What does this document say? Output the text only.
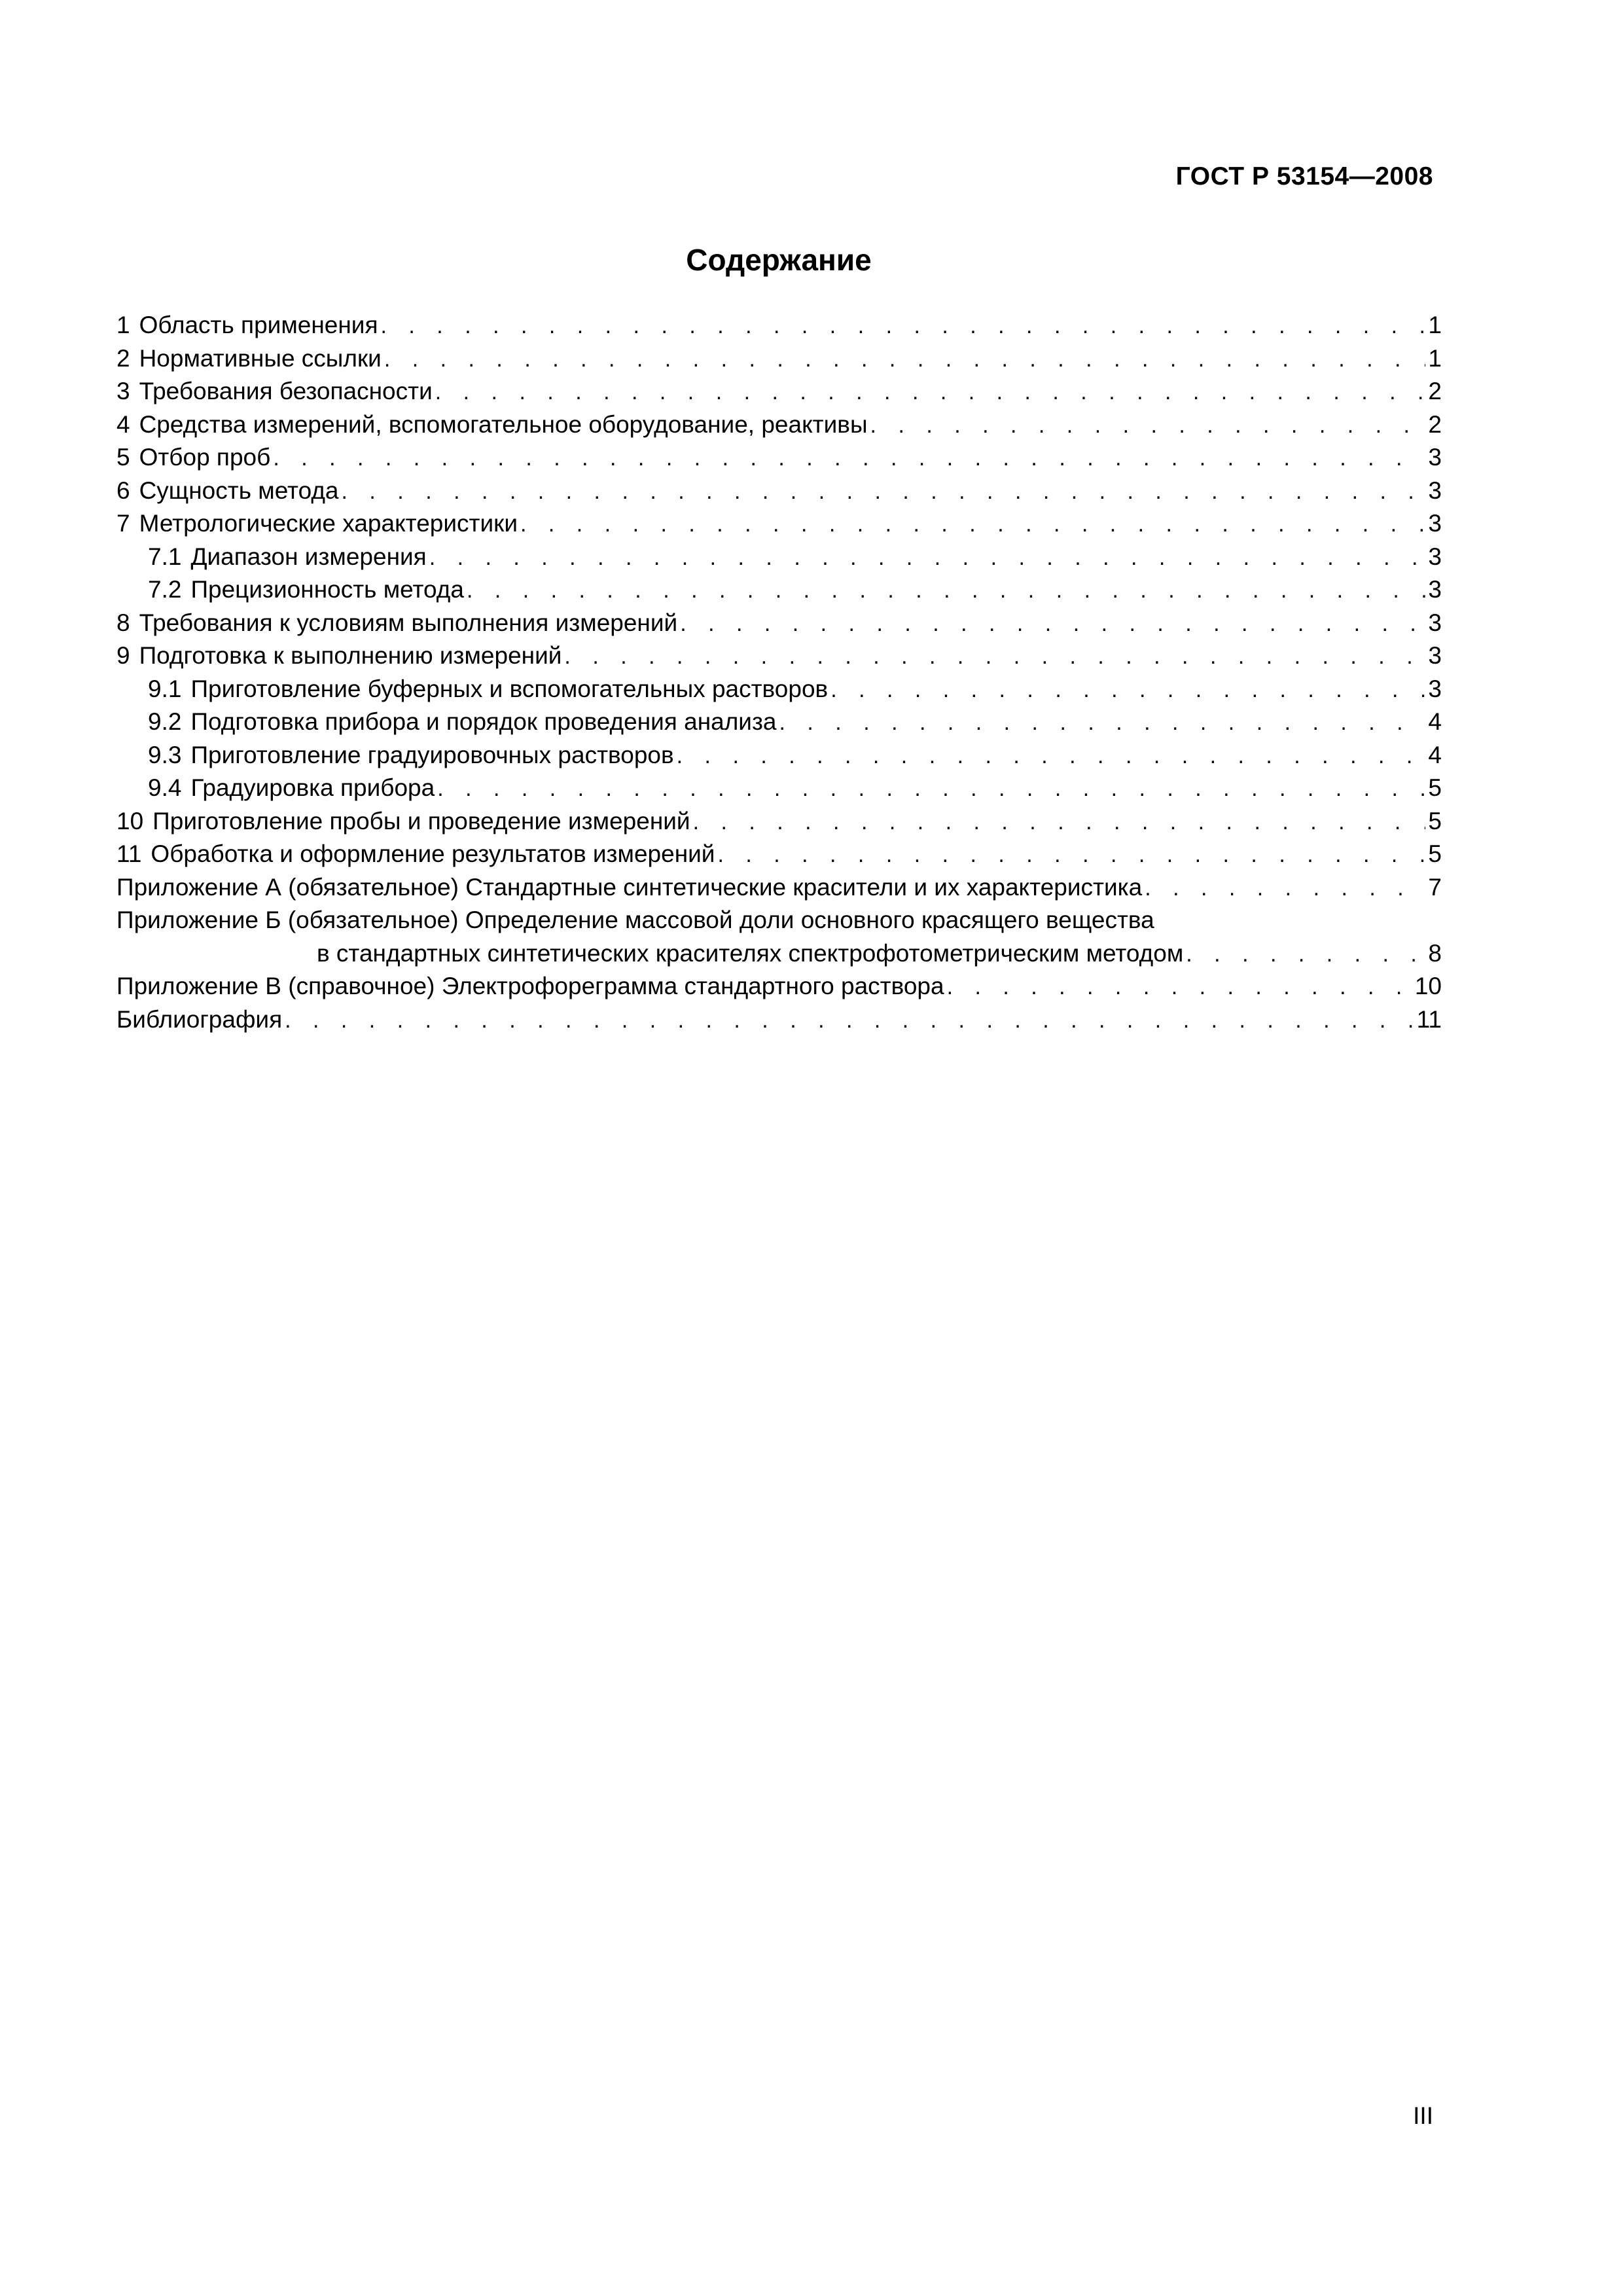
ГОСТ Р 53154—2008
Содержание
1 Область применения . . .	1
2 Нормативные ссылки . . .	1
3 Требования безопасности . . .	2
4 Средства измерений, вспомогательное оборудование, реактивы . . .	2
5 Отбор проб . . .	3
6 Сущность метода . . .	3
7 Метрологические характеристики . . .	3
7.1 Диапазон измерения . . .	3
7.2 Прецизионность метода . . .	3
8 Требования к условиям выполнения измерений . . .	3
9 Подготовка к выполнению измерений . . .	3
9.1 Приготовление буферных и вспомогательных растворов . . .	3
9.2 Подготовка прибора и порядок проведения анализа . . .	4
9.3 Приготовление градуировочных растворов . . .	4
9.4 Градуировка прибора . . .	5
10 Приготовление пробы и проведение измерений . . .	5
11 Обработка и оформление результатов измерений . . .	5
Приложение А (обязательное) Стандартные синтетические красители и их характеристика . . .	7
Приложение Б (обязательное) Определение массовой доли основного красящего вещества
в стандартных синтетических красителях спектрофотометрическим методом . . .	8
Приложение В (справочное) Электрофореграмма стандартного раствора . . .	10
Библиография . . .	11
III
